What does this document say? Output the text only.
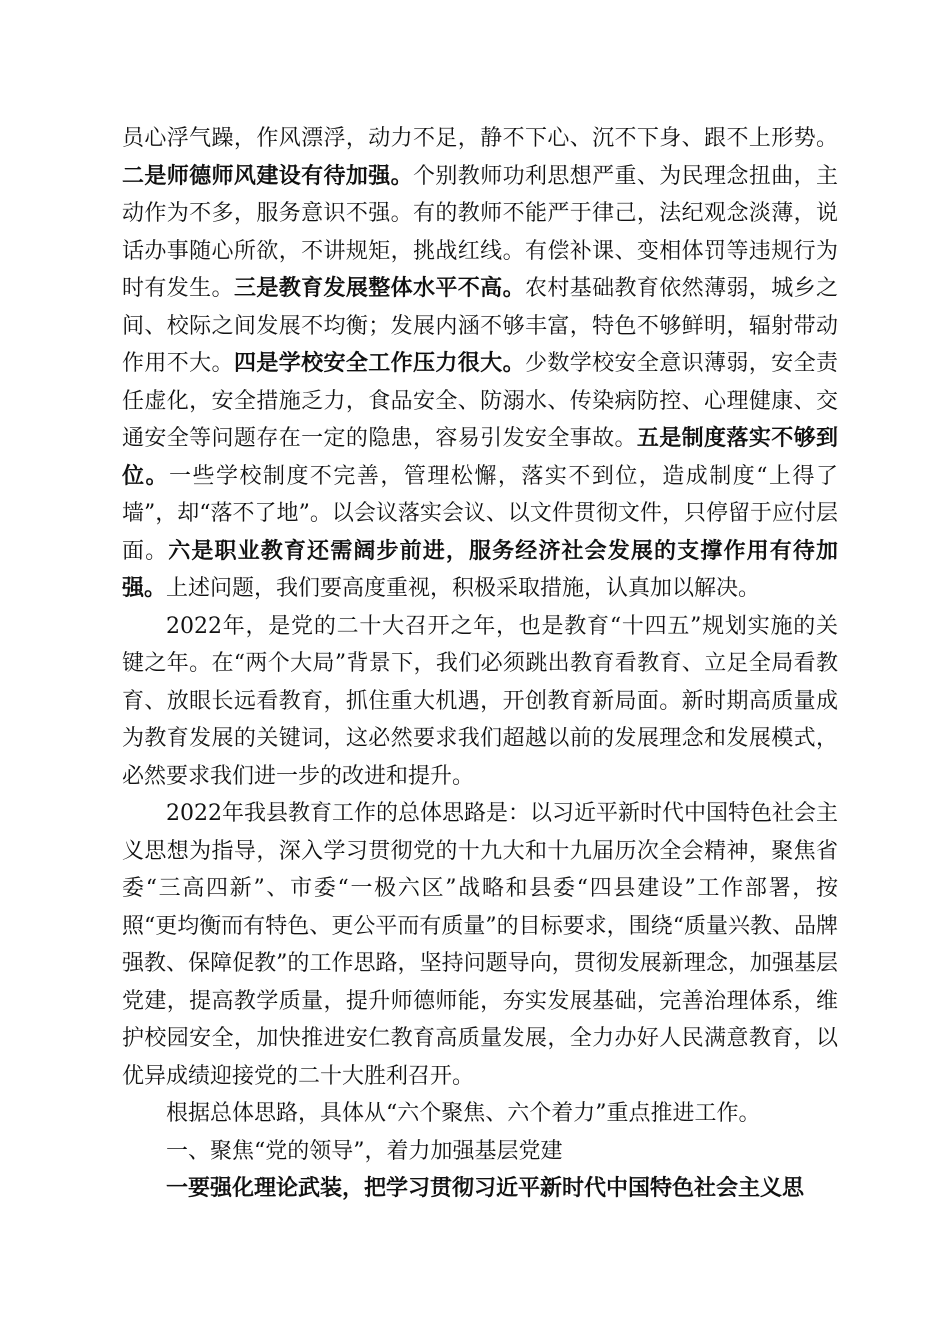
员心浮气躁，作风漂浮，动力不足，静不下心、沉不下身、跟不上形势。二是师德师风建设有待加强。个别教师功利思想严重、为民理念扭曲，主动作为不多，服务意识不强。有的教师不能严于律己，法纪观念淡薄，说话办事随心所欲，不讲规矩，挑战红线。有偿补课、变相体罚等违规行为时有发生。三是教育发展整体水平不高。农村基础教育依然薄弱，城乡之间、校际之间发展不均衡；发展内涵不够丰富，特色不够鲜明，辐射带动作用不大。四是学校安全工作压力很大。少数学校安全意识薄弱，安全责任虚化，安全措施乏力，食品安全、防溺水、传染病防控、心理健康、交通安全等问题存在一定的隐患，容易引发安全事故。五是制度落实不够到位。一些学校制度不完善，管理松懈，落实不到位，造成制度“上得了墙”，却“落不了地”。以会议落实会议、以文件贯彻文件，只停留于应付层面。六是职业教育还需阔步前进，服务经济社会发展的支撑作用有待加强。上述问题，我们要高度重视，积极采取措施，认真加以解决。

2022年，是党的二十大召开之年，也是教育“十四五”规划实施的关键之年。在“两个大局”背景下，我们必须跳出教育看教育、立足全局看教育、放眼长远看教育，抓住重大机遇，开创教育新局面。新时期高质量成为教育发展的关键词，这必然要求我们超越以前的发展理念和发展模式，必然要求我们进一步的改进和提升。

2022年我县教育工作的总体思路是：以习近平新时代中国特色社会主义思想为指导，深入学习贯彻党的十九大和十九届历次全会精神，聚焦省委“三高四新”、市委“一极六区”战略和县委“四县建设”工作部署，按照“更均衡而有特色、更公平而有质量”的目标要求，围绕“质量兴教、品牌强教、保障促教”的工作思路，坚持问题导向，贯彻发展新理念，加强基层党建，提高教学质量，提升师德师能，夯实发展基础，完善治理体系，维护校园安全，加快推进安仁教育高质量发展，全力办好人民满意教育，以优异成绩迎接党的二十大胜利召开。

根据总体思路，具体从“六个聚焦、六个着力”重点推进工作。

一、聚焦“党的领导”，着力加强基层党建

一要强化理论武装，把学习贯彻习近平新时代中国特色社会主义思
